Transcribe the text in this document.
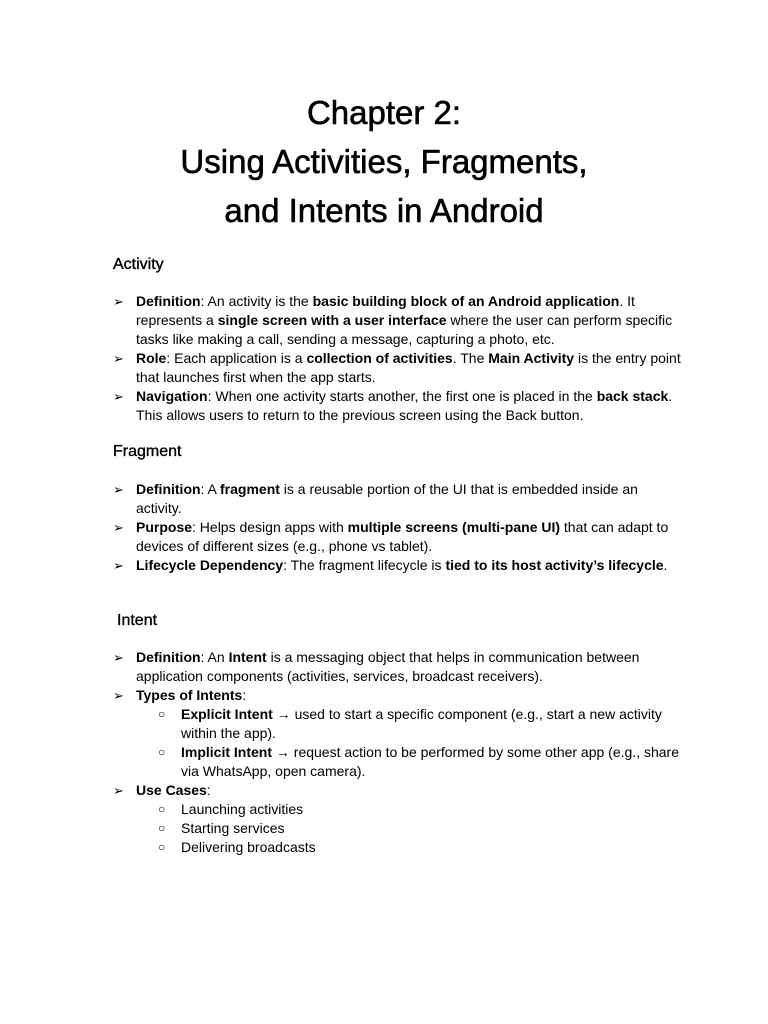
Chapter 2:
Using Activities, Fragments,
and Intents in Android
Activity
➢ Definition: An activity is the basic building block of an Android application. It represents a single screen with a user interface where the user can perform specific tasks like making a call, sending a message, capturing a photo, etc.
➢ Role: Each application is a collection of activities. The Main Activity is the entry point that launches first when the app starts.
➢ Navigation: When one activity starts another, the first one is placed in the back stack. This allows users to return to the previous screen using the Back button.
Fragment
➢ Definition: A fragment is a reusable portion of the UI that is embedded inside an activity.
➢ Purpose: Helps design apps with multiple screens (multi-pane UI) that can adapt to devices of different sizes (e.g., phone vs tablet).
➢ Lifecycle Dependency: The fragment lifecycle is tied to its host activity’s lifecycle.
Intent
➢ Definition: An Intent is a messaging object that helps in communication between application components (activities, services, broadcast receivers).
➢ Types of Intents:
○ Explicit Intent → used to start a specific component (e.g., start a new activity within the app).
○ Implicit Intent → request action to be performed by some other app (e.g., share via WhatsApp, open camera).
➢ Use Cases:
○ Launching activities
○ Starting services
○ Delivering broadcasts
